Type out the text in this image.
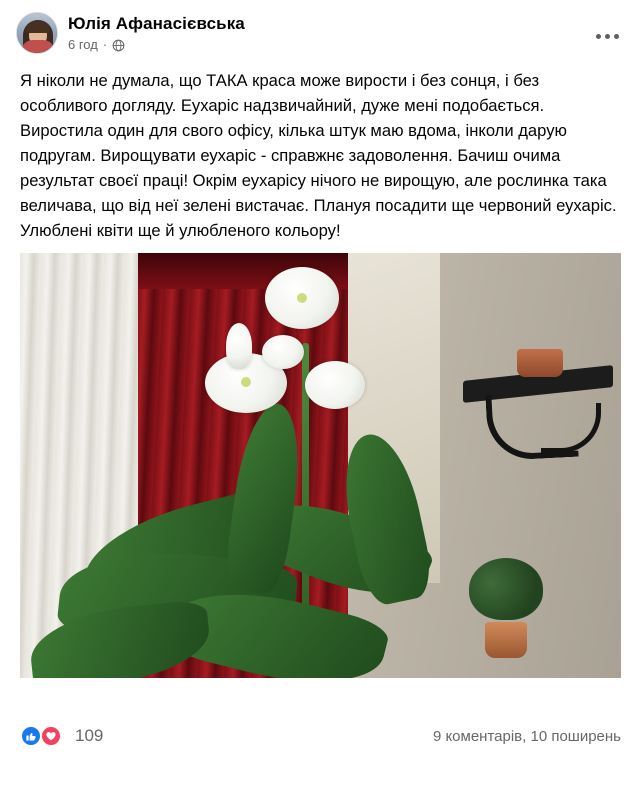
Юлія Афанасієвська
6 год ·
Я ніколи не думала, що ТАКА краса може вирости і без сонця, і без особливого догляду. Еухаріс надзвичайний, дуже мені подобається. Виростила один для свого офісу, кілька штук маю вдома, інколи дарую подругам. Вирощувати еухаріс - справжнє задоволення. Бачиш очима результат своєї праці! Окрім еухарісу нічого не вирощую, але рослинка така величава, що від неї зелені вистачає. Плануя посадити ще червоний еухаріс. Улюблені квіти ще й улюбленого кольору!
109	9 коментарів, 10 поширень
